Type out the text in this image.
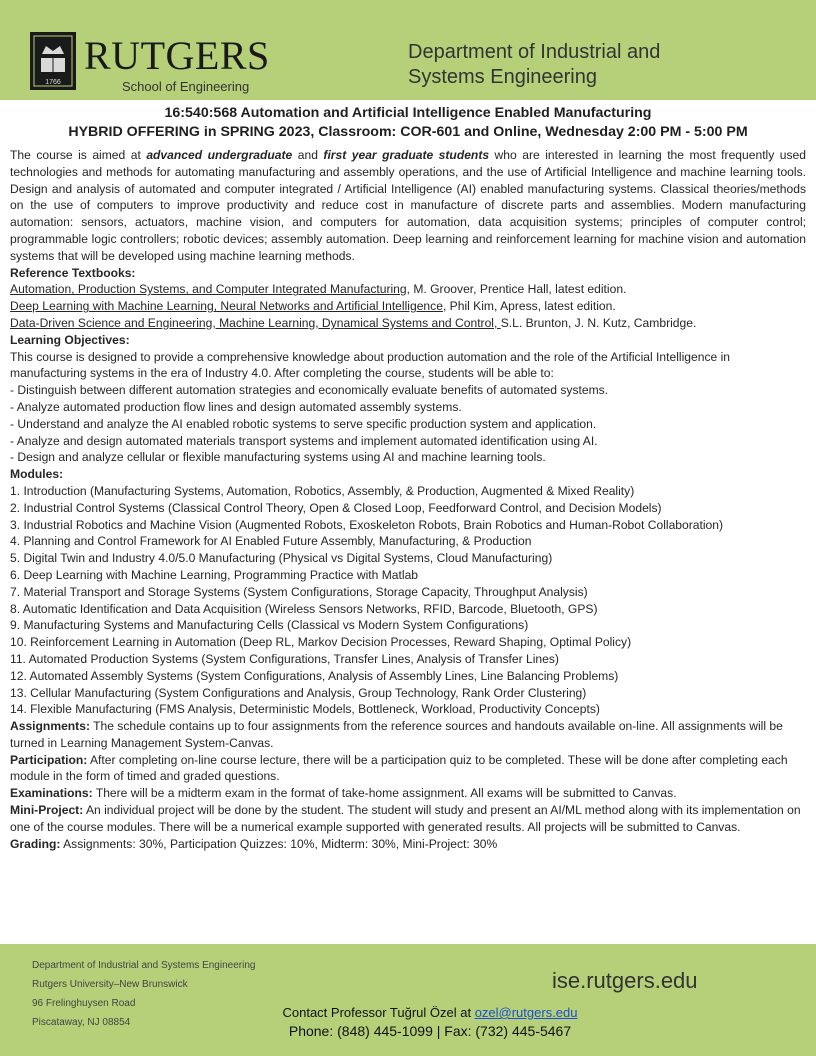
1766
RUTGERS
School of Engineering
Department of Industrial and
Systems Engineering
16:540:568 Automation and Artificial Intelligence Enabled Manufacturing
HYBRID OFFERING in SPRING 2023, Classroom: COR-601 and Online, Wednesday 2:00 PM - 5:00 PM

The course is aimed at advanced undergraduate and first year graduate students who are interested in learning the most frequently used technologies and methods for automating manufacturing and assembly operations, and the use of Artificial Intelligence and machine learning tools. Design and analysis of automated and computer integrated / Artificial Intelligence (AI) enabled manufacturing systems. Classical theories/methods on the use of computers to improve productivity and reduce cost in manufacture of discrete parts and assemblies. Modern manufacturing automation: sensors, actuators, machine vision, and computers for automation, data acquisition systems; principles of computer control; programmable logic controllers; robotic devices; assembly automation. Deep learning and reinforcement learning for machine vision and automation systems that will be developed using machine learning methods.

Reference Textbooks:
Automation, Production Systems, and Computer Integrated Manufacturing, M. Groover, Prentice Hall, latest edition.
Deep Learning with Machine Learning, Neural Networks and Artificial Intelligence, Phil Kim, Apress, latest edition.
Data-Driven Science and Engineering, Machine Learning, Dynamical Systems and Control, S.L. Brunton, J. N. Kutz, Cambridge.
Learning Objectives:

This course is designed to provide a comprehensive knowledge about production automation and the role of the Artificial Intelligence in manufacturing systems in the era of Industry 4.0. After completing the course, students will be able to:

- Distinguish between different automation strategies and economically evaluate benefits of automated systems.
- Analyze automated production flow lines and design automated assembly systems.
- Understand and analyze the AI enabled robotic systems to serve specific production system and application.
- Analyze and design automated materials transport systems and implement automated identification using AI.
- Design and analyze cellular or flexible manufacturing systems using AI and machine learning tools.
Modules:
1. Introduction (Manufacturing Systems, Automation, Robotics, Assembly, & Production, Augmented & Mixed Reality)
2. Industrial Control Systems (Classical Control Theory, Open & Closed Loop, Feedforward Control, and Decision Models)
3. Industrial Robotics and Machine Vision (Augmented Robots, Exoskeleton Robots, Brain Robotics and Human-Robot Collaboration)
4. Planning and Control Framework for AI Enabled Future Assembly, Manufacturing, & Production
5. Digital Twin and Industry 4.0/5.0 Manufacturing (Physical vs Digital Systems, Cloud Manufacturing)
6. Deep Learning with Machine Learning, Programming Practice with Matlab
7. Material Transport and Storage Systems (System Configurations, Storage Capacity, Throughput Analysis)
8. Automatic Identification and Data Acquisition (Wireless Sensors Networks, RFID, Barcode, Bluetooth, GPS)
9. Manufacturing Systems and Manufacturing Cells (Classical vs Modern System Configurations)
10. Reinforcement Learning in Automation (Deep RL, Markov Decision Processes, Reward Shaping, Optimal Policy)
11. Automated Production Systems (System Configurations, Transfer Lines, Analysis of Transfer Lines)
12. Automated Assembly Systems (System Configurations, Analysis of Assembly Lines, Line Balancing Problems)
13. Cellular Manufacturing (System Configurations and Analysis, Group Technology, Rank Order Clustering)
14. Flexible Manufacturing (FMS Analysis, Deterministic Models, Bottleneck, Workload, Productivity Concepts)

Assignments: The schedule contains up to four assignments from the reference sources and handouts available on-line. All assignments will be turned in Learning Management System-Canvas.

Participation: After completing on-line course lecture, there will be a participation quiz to be completed. These will be done after completing each module in the form of timed and graded questions.

Examinations: There will be a midterm exam in the format of take-home assignment. All exams will be submitted to Canvas.

Mini-Project: An individual project will be done by the student. The student will study and present an AI/ML method along with its implementation on one of the course modules. There will be a numerical example supported with generated results. All projects will be submitted to Canvas.

Grading: Assignments: 30%, Participation Quizzes: 10%, Midterm: 30%, Mini-Project: 30%

Department of Industrial and Systems Engineering
Rutgers University–New Brunswick
96 Frelinghuysen Road
Piscataway, NJ 08854
ise.rutgers.edu
Contact Professor Tuğrul Özel at ozel@rutgers.edu
Phone: (848) 445-1099 | Fax: (732) 445-5467
